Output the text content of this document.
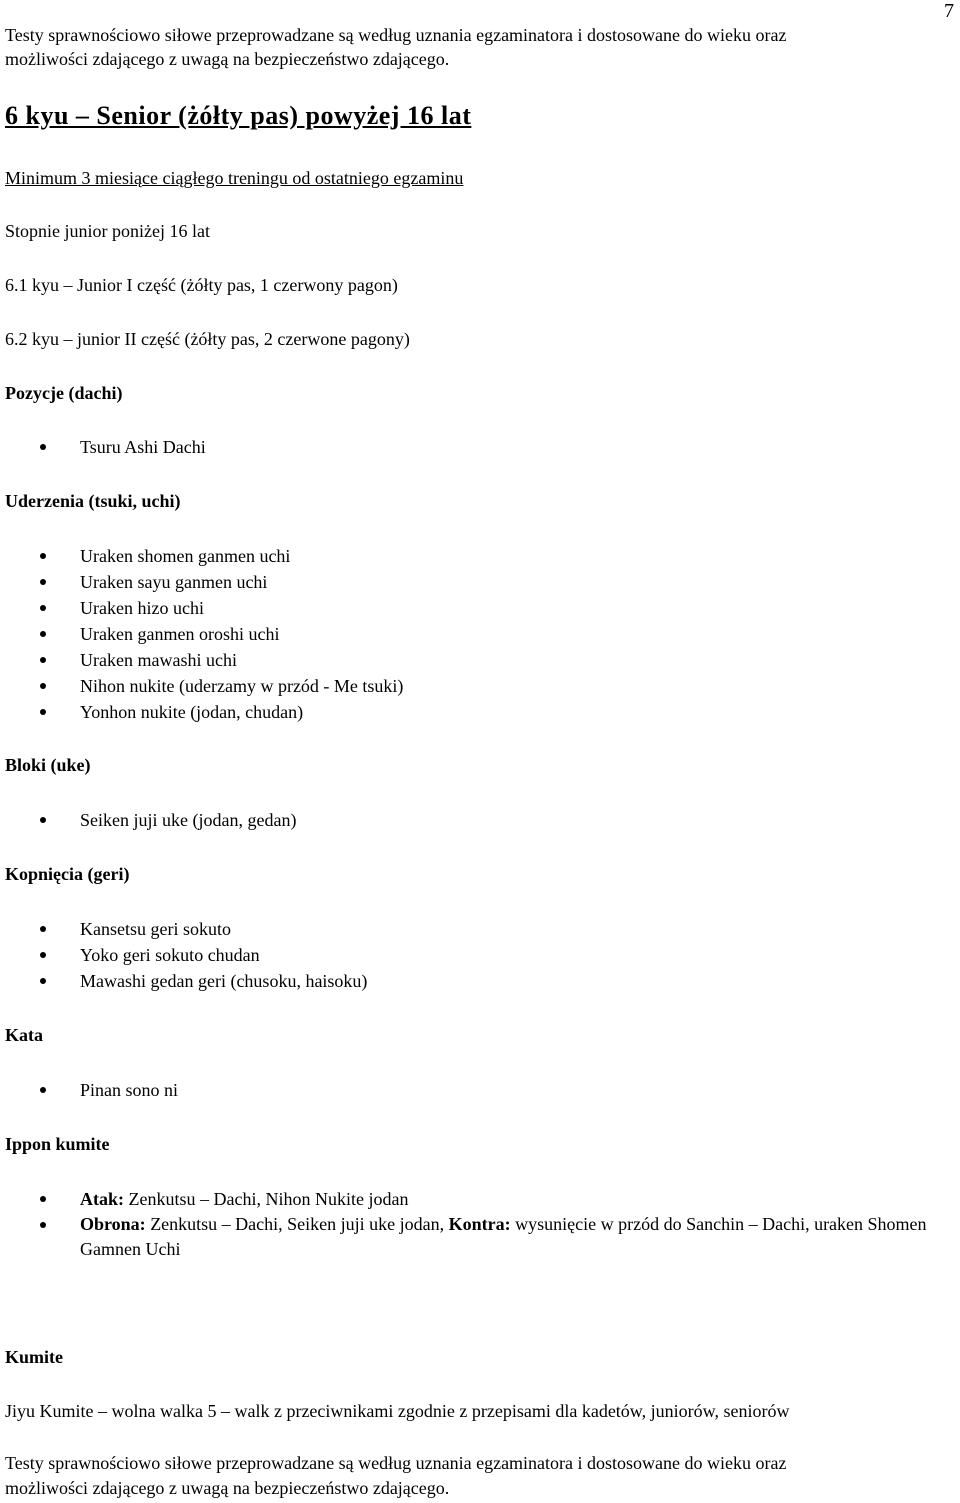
7
Testy sprawnościowo siłowe przeprowadzane są według uznania egzaminatora i dostosowane do wieku oraz
możliwości zdającego z uwagą na bezpieczeństwo zdającego.
6 kyu – Senior (żółty pas) powyżej 16 lat
Minimum 3 miesiące ciągłego treningu od ostatniego egzaminu
Stopnie junior poniżej 16 lat
6.1 kyu – Junior I część (żółty pas, 1 czerwony pagon)
6.2 kyu – junior II część (żółty pas, 2 czerwone pagony)
Pozycje (dachi)
Tsuru Ashi Dachi
Uderzenia (tsuki, uchi)
Uraken shomen ganmen uchi
Uraken sayu ganmen uchi
Uraken hizo uchi
Uraken ganmen oroshi uchi
Uraken mawashi uchi
Nihon nukite (uderzamy w przód - Me tsuki)
Yonhon nukite (jodan, chudan)
Bloki (uke)
Seiken juji uke (jodan, gedan)
Kopnięcia (geri)
Kansetsu geri sokuto
Yoko geri sokuto chudan
Mawashi gedan geri (chusoku, haisoku)
Kata
Pinan sono ni
Ippon kumite
Atak: Zenkutsu – Dachi, Nihon Nukite jodan
Obrona: Zenkutsu – Dachi, Seiken juji uke jodan, Kontra: wysunięcie w przód do Sanchin – Dachi, uraken Shomen Gamnen Uchi
Kumite
Jiyu Kumite – wolna walka 5 – walk z przeciwnikami zgodnie z przepisami dla kadetów, juniorów, seniorów
Testy sprawnościowo siłowe przeprowadzane są według uznania egzaminatora i dostosowane do wieku oraz
możliwości zdającego z uwagą na bezpieczeństwo zdającego.
